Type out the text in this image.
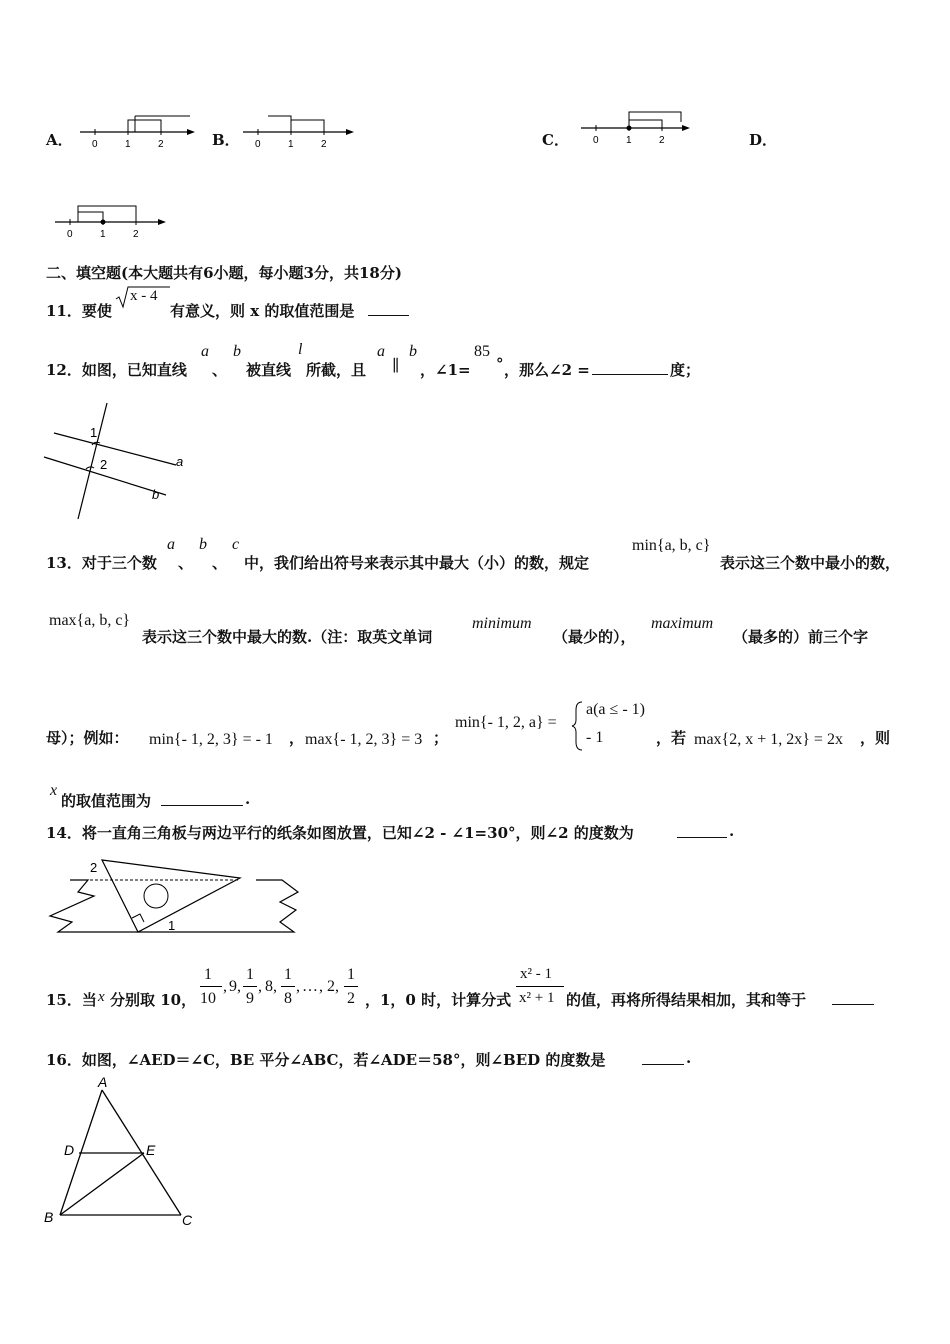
A． 0	1	2	B． 0	1	2	C． 0	1	2	D．
0	1	2
二、填空题(本大题共有6小题，每小题3分，共18分)
11．要使
x - 4
有意义，则 x 的取值范围是
12．如图，已知直线
a
、
b
被直线
l
所截，且
a
∥
b
，∠1=
85
° ，那么∠2 =	度；
1
2	a
b
13．对于三个数
a
、
b
、
c
中，我们给出符号来表示其中最大（小）的数，规定
min{a, b, c}
表示这三个数中最小的数，
max{a, b, c}
表示这三个数中最大的数.（注：取英文单词
minimum
（最少的），
maximum
（最多的）前三个字
母）；例如： min{- 1, 2, 3} = - 1 ， max{- 1, 2, 3} = 3 ；
min{- 1, 2, a} =
a(a ≤ - 1)
- 1	，若 max{2, x + 1, 2x} = 2x ，则
x
的取值范围为	.
14．将一直角三角板与两边平行的纸条如图放置，已知∠2 - ∠1=30°，则∠2 的度数为	.
2
1
15．当 x 分别取 10，
1
10
, 9 ,
1
9
, 8 ,
1
8
, … , 2 ,
1
2 ，1，0 时，计算分式
x² - 1
x² + 1 的值，再将所得结果相加，其和等于
16．如图，∠AED＝∠C，BE 平分∠ABC，若∠ADE＝58°，则∠BED 的度数是	.
A
D	E
B	C
